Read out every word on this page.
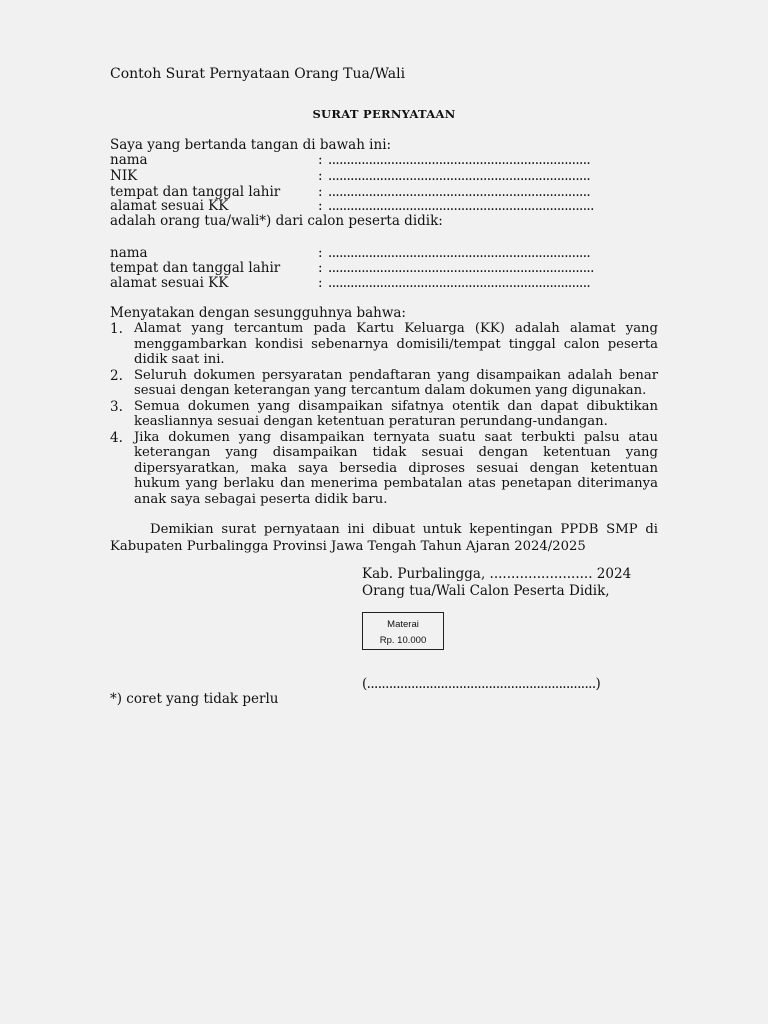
Contoh Surat Pernyataan Orang Tua/Wali
SURAT PERNYATAAN
Saya yang bertanda tangan di bawah ini:
nama	: .......................................................................
NIK	: .......................................................................
tempat dan tanggal lahir	: .......................................................................
alamat sesuai KK	: ........................................................................
adalah orang tua/wali*) dari calon peserta didik:
nama	: .......................................................................
tempat dan tanggal lahir	: ........................................................................
alamat sesuai KK	: .......................................................................
Menyatakan dengan sesungguhnya bahwa:
1. Alamat yang tercantum pada Kartu Keluarga (KK) adalah alamat yang
menggambarkan kondisi sebenarnya domisili/tempat tinggal calon peserta
didik saat ini.
2. Seluruh dokumen persyaratan pendaftaran yang disampaikan adalah benar
sesuai dengan keterangan yang tercantum dalam dokumen yang digunakan.
3. Semua dokumen yang disampaikan sifatnya otentik dan dapat dibuktikan
keasliannya sesuai dengan ketentuan peraturan perundang-undangan.
4. Jika dokumen yang disampaikan ternyata suatu saat terbukti palsu atau
keterangan yang disampaikan tidak sesuai dengan ketentuan yang
dipersyaratkan, maka saya bersedia diproses sesuai dengan ketentuan
hukum yang berlaku dan menerima pembatalan atas penetapan diterimanya
anak saya sebagai peserta didik baru.
Demikian surat pernyataan ini dibuat untuk kepentingan PPDB SMP di
Kabupaten Purbalingga Provinsi Jawa Tengah Tahun Ajaran 2024/2025
Kab. Purbalingga, ........................ 2024
Orang tua/Wali Calon Peserta Didik,
Materai
Rp. 10.000
(..............................................................)
*) coret yang tidak perlu
